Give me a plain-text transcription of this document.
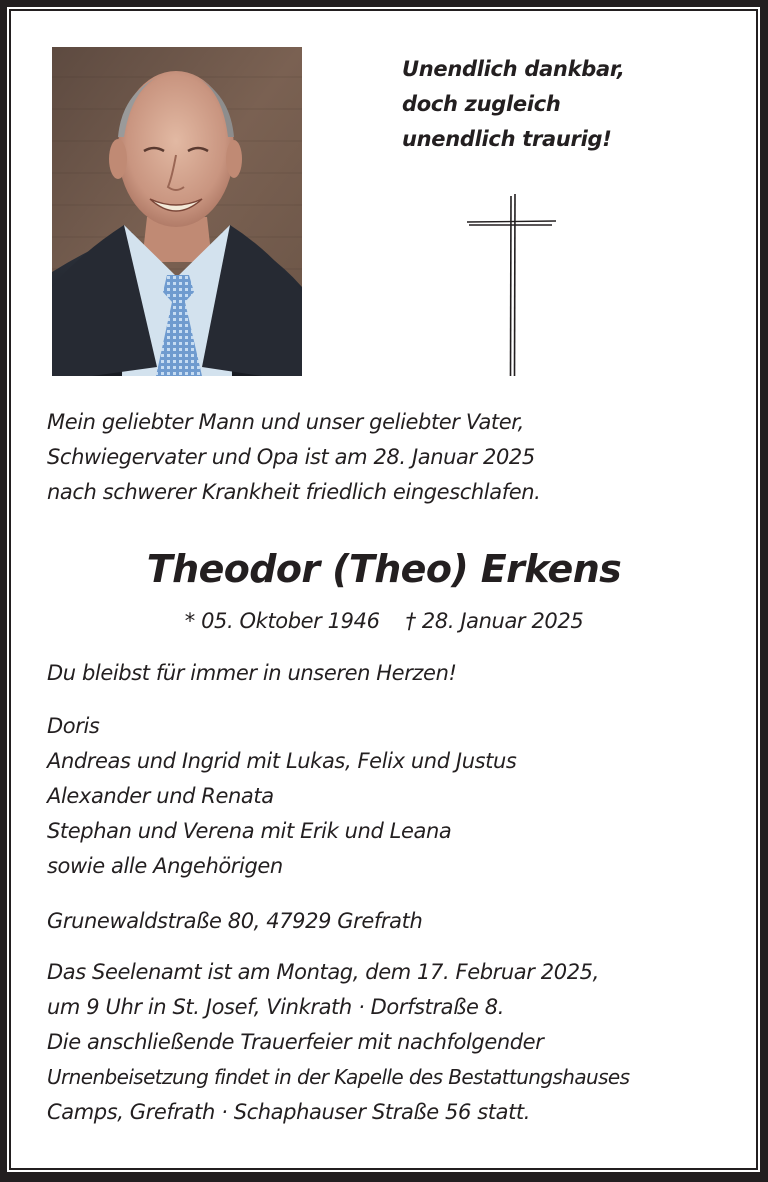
Unendlich dankbar,
doch zugleich
unendlich traurig!
Mein geliebter Mann und unser geliebter Vater,
Schwiegervater und Opa ist am 28. Januar 2025
nach schwerer Krankheit friedlich eingeschlafen.
Theodor (Theo) Erkens
* 05. Oktober 1946 † 28. Januar 2025
Du bleibst für immer in unseren Herzen!
Doris
Andreas und Ingrid mit Lukas, Felix und Justus
Alexander und Renata
Stephan und Verena mit Erik und Leana
sowie alle Angehörigen
Grunewaldstraße 80, 47929 Grefrath
Das Seelenamt ist am Montag, dem 17. Februar 2025,
um 9 Uhr in St. Josef, Vinkrath · Dorfstraße 8.
Die anschließende Trauerfeier mit nachfolgender
Urnenbeisetzung findet in der Kapelle des Bestattungshauses
Camps, Grefrath · Schaphauser Straße 56 statt.
